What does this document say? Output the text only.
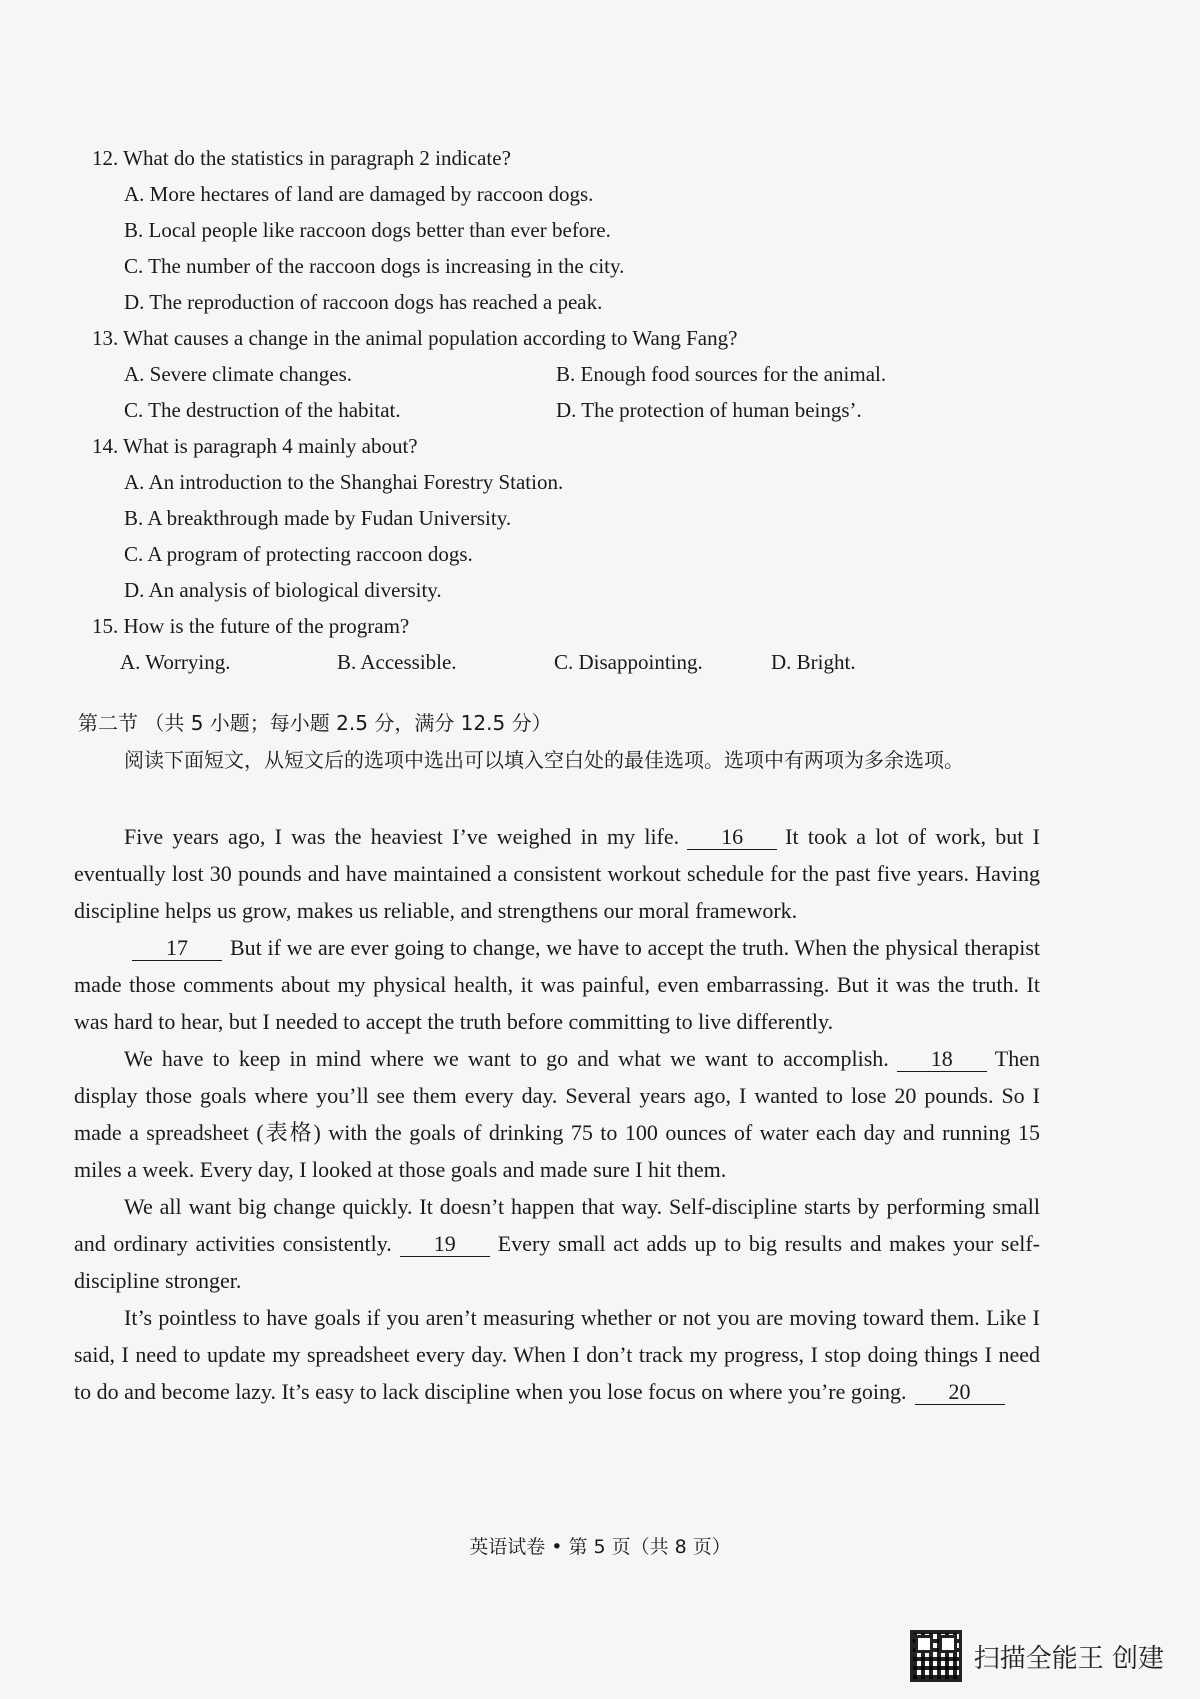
12. What do the statistics in paragraph 2 indicate?
A. More hectares of land are damaged by raccoon dogs.
B. Local people like raccoon dogs better than ever before.
C. The number of the raccoon dogs is increasing in the city.
D. The reproduction of raccoon dogs has reached a peak.
13. What causes a change in the animal population according to Wang Fang?
A. Severe climate changes.	B. Enough food sources for the animal.
C. The destruction of the habitat.	D. The protection of human beings’.
14. What is paragraph 4 mainly about?
A. An introduction to the Shanghai Forestry Station.
B. A breakthrough made by Fudan University.
C. A program of protecting raccoon dogs.
D. An analysis of biological diversity.
15. How is the future of the program?
A. Worrying.	B. Accessible.	C. Disappointing.	D. Bright.
第二节 （共 5 小题；每小题 2.5 分，满分 12.5 分）
阅读下面短文，从短文后的选项中选出可以填入空白处的最佳选项。选项中有两项为多余选项。

Five years ago, I was the heaviest I’ve weighed in my life. 16 It took a lot of work, but I eventually lost 30 pounds and have maintained a consistent workout schedule for the past five years. Having discipline helps us grow, makes us reliable, and strengthens our moral framework.

17 But if we are ever going to change, we have to accept the truth. When the physical therapist made those comments about my physical health, it was painful, even embarrassing. But it was the truth. It was hard to hear, but I needed to accept the truth before committing to live differently.

We have to keep in mind where we want to go and what we want to accomplish. 18 Then display those goals where you’ll see them every day. Several years ago, I wanted to lose 20 pounds. So I made a spreadsheet (表格) with the goals of drinking 75 to 100 ounces of water each day and running 15 miles a week. Every day, I looked at those goals and made sure I hit them.

We all want big change quickly. It doesn’t happen that way. Self-discipline starts by performing small and ordinary activities consistently. 19 Every small act adds up to big results and makes your self-discipline stronger.

It’s pointless to have goals if you aren’t measuring whether or not you are moving toward them. Like I said, I need to update my spreadsheet every day. When I don’t track my progress, I stop doing things I need to do and become lazy. It’s easy to lack discipline when you lose focus on where you’re going. 20

英语试卷 • 第 5 页（共 8 页）
扫描全能王 创建
